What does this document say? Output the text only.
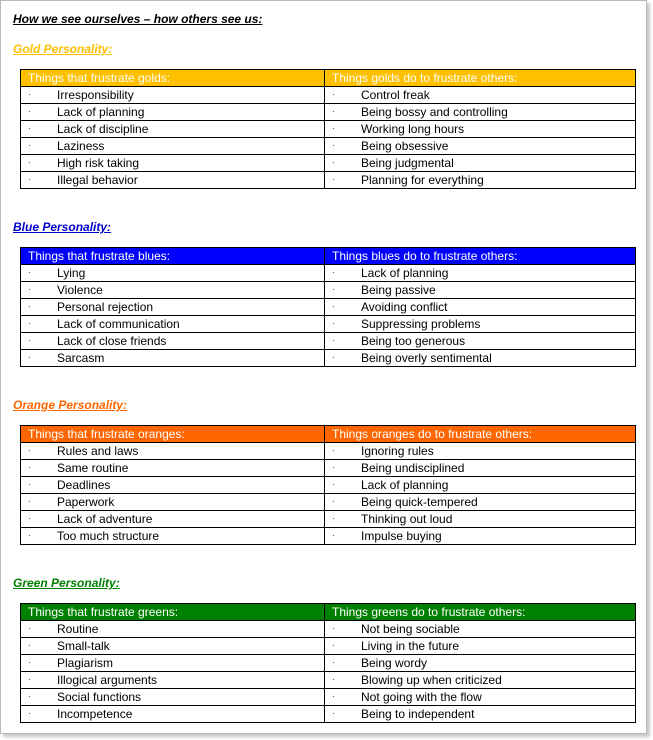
How we see ourselves – how others see us:
Gold Personality:
Things that frustrate golds:	Things golds do to frustrate others:
· Irresponsibility	· Control freak
· Lack of planning	· Being bossy and controlling
· Lack of discipline	· Working long hours
· Laziness	· Being obsessive
· High risk taking	· Being judgmental
· Illegal behavior	· Planning for everything
Blue Personality:
Things that frustrate blues:	Things blues do to frustrate others:
· Lying	· Lack of planning
· Violence	· Being passive
· Personal rejection	· Avoiding conflict
· Lack of communication	· Suppressing problems
· Lack of close friends	· Being too generous
· Sarcasm	· Being overly sentimental
Orange Personality:
Things that frustrate oranges:	Things oranges do to frustrate others:
· Rules and laws	· Ignoring rules
· Same routine	· Being undisciplined
· Deadlines	· Lack of planning
· Paperwork	· Being quick-tempered
· Lack of adventure	· Thinking out loud
· Too much structure	· Impulse buying
Green Personality:
Things that frustrate greens:	Things greens do to frustrate others:
· Routine	· Not being sociable
· Small-talk	· Living in the future
· Plagiarism	· Being wordy
· Illogical arguments	· Blowing up when criticized
· Social functions	· Not going with the flow
· Incompetence	· Being to independent
